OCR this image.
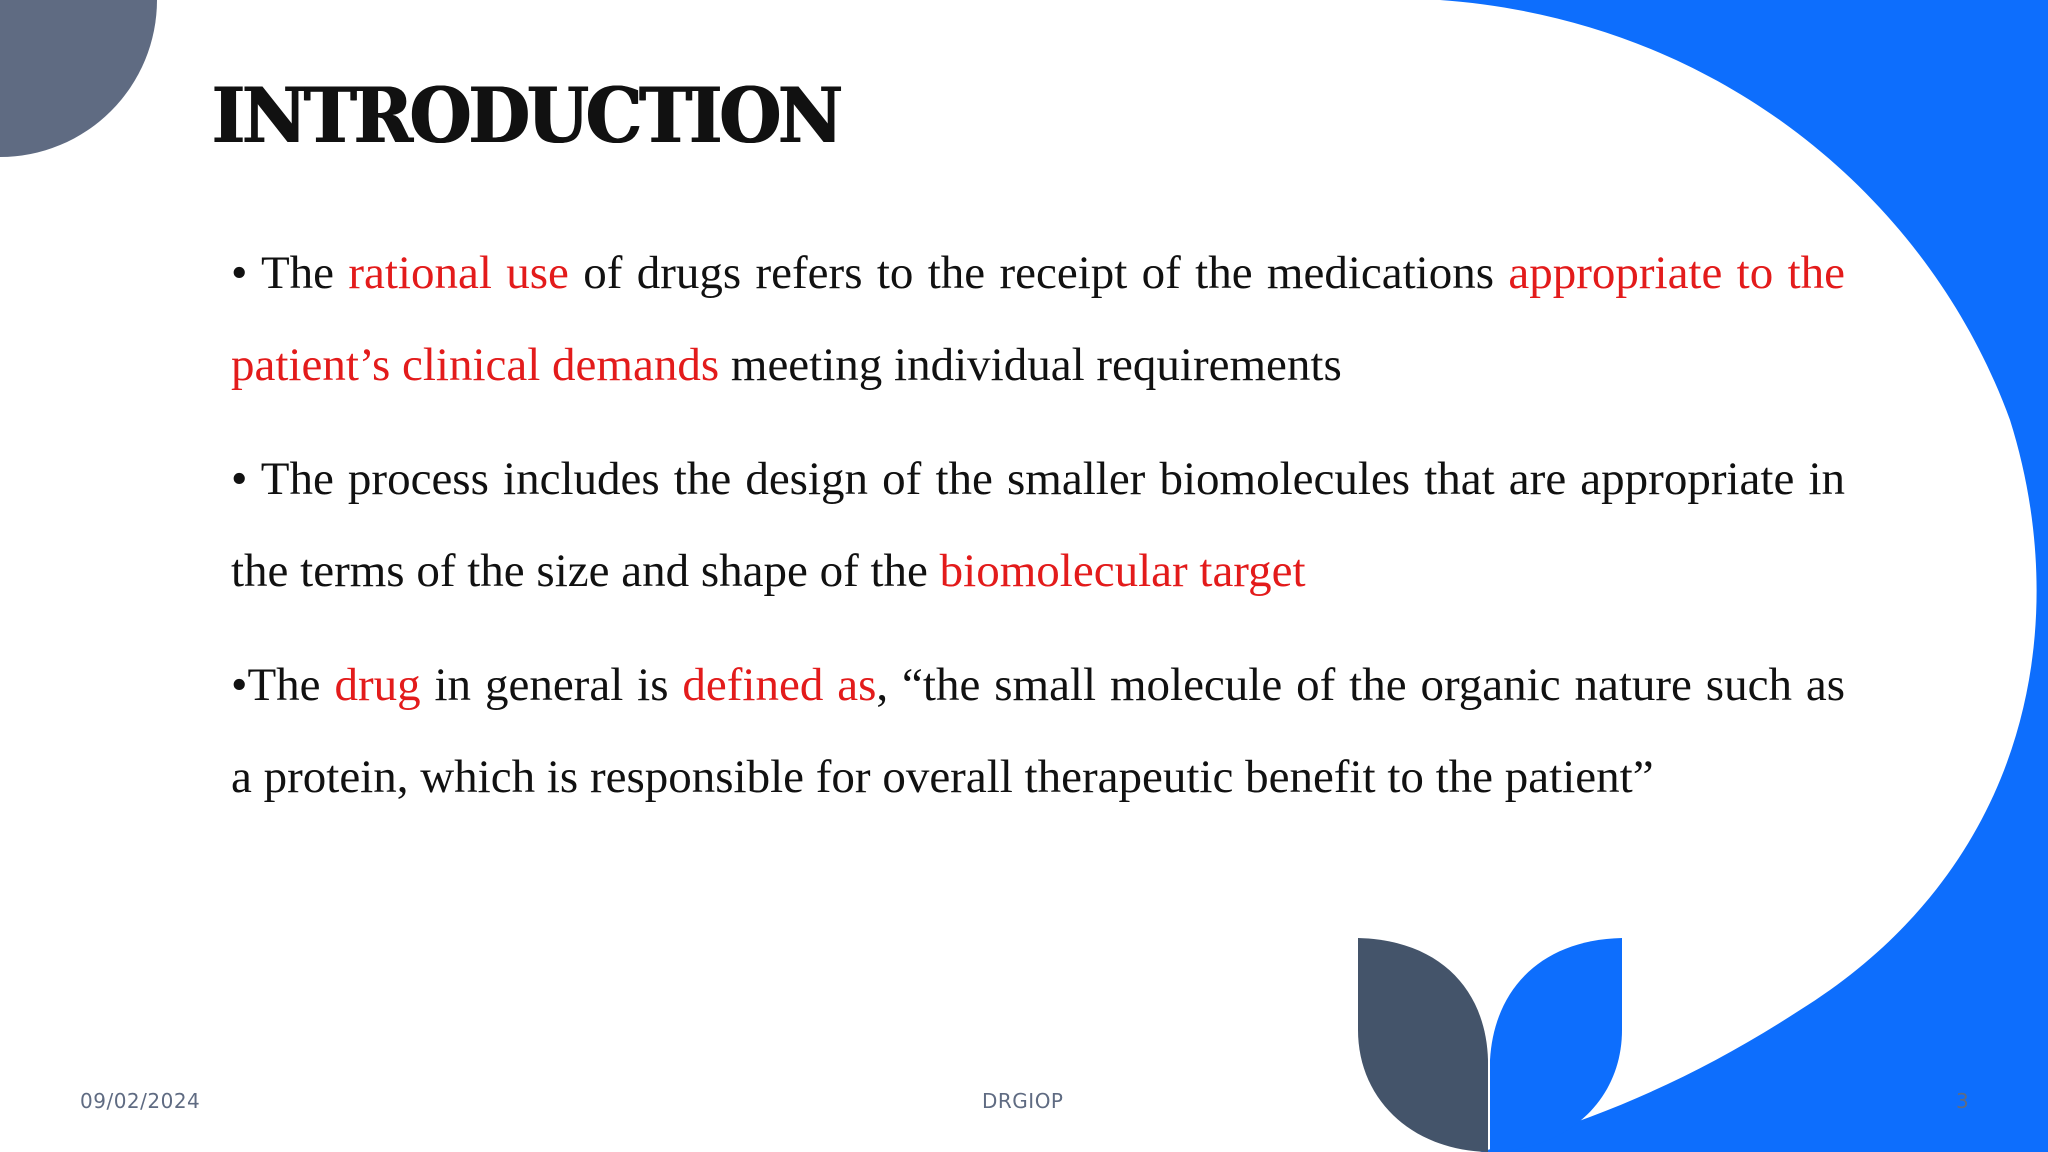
INTRODUCTION

• The rational use of drugs refers to the receipt of the medications appropriate to the patient’s clinical demands meeting individual requirements

• The process includes the design of the smaller biomolecules that are appropriate in the terms of the size and shape of the biomolecular target

•The drug in general is defined as, “the small molecule of the organic nature such as a protein, which is responsible for overall therapeutic benefit to the patient”

09/02/2024	DRGIOP	3
